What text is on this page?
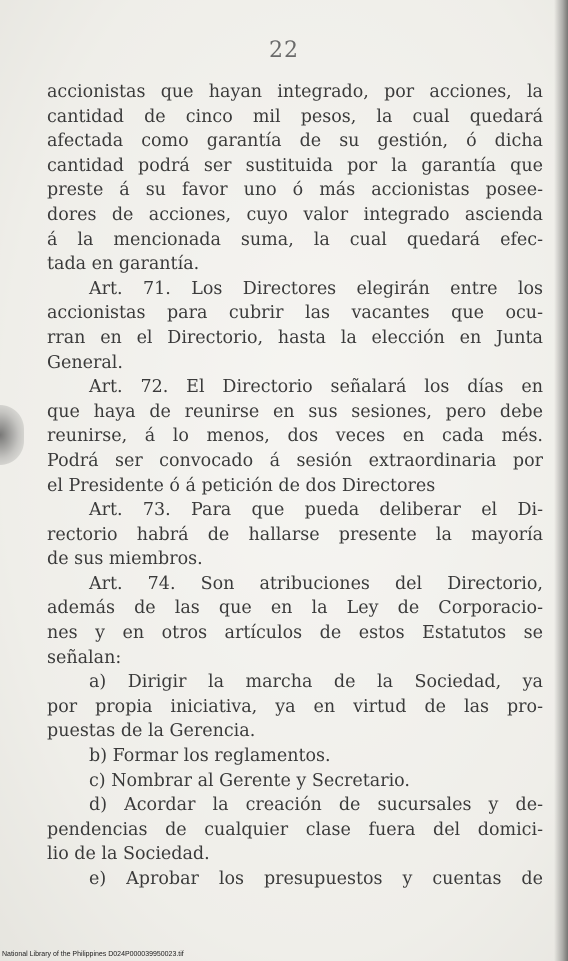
22
accionistas que hayan integrado, por acciones, la
cantidad de cinco mil pesos, la cual quedará
afectada como garantía de su gestión, ó dicha
cantidad podrá ser sustituida por la garantía que
preste á su favor uno ó más accionistas posee-
dores de acciones, cuyo valor integrado ascienda
á la mencionada suma, la cual quedará efec-
tada en garantía.
Art. 71. Los Directores elegirán entre los
accionistas para cubrir las vacantes que ocu-
rran en el Directorio, hasta la elección en Junta
General.
Art. 72. El Directorio señalará los días en
que haya de reunirse en sus sesiones, pero debe
reunirse, á lo menos, dos veces en cada més.
Podrá ser convocado á sesión extraordinaria por
el Presidente ó á petición de dos Directores
Art. 73. Para que pueda deliberar el Di-
rectorio habrá de hallarse presente la mayoría
de sus miembros.
Art. 74. Son atribuciones del Directorio,
además de las que en la Ley de Corporacio-
nes y en otros artículos de estos Estatutos se
señalan:
a) Dirigir la marcha de la Sociedad, ya
por propia iniciativa, ya en virtud de las pro-
puestas de la Gerencia.
b) Formar los reglamentos.
c) Nombrar al Gerente y Secretario.
d) Acordar la creación de sucursales y de-
pendencias de cualquier clase fuera del domici-
lio de la Sociedad.
e) Aprobar los presupuestos y cuentas de
National Library of the Philippines D024P000039950023.tif
